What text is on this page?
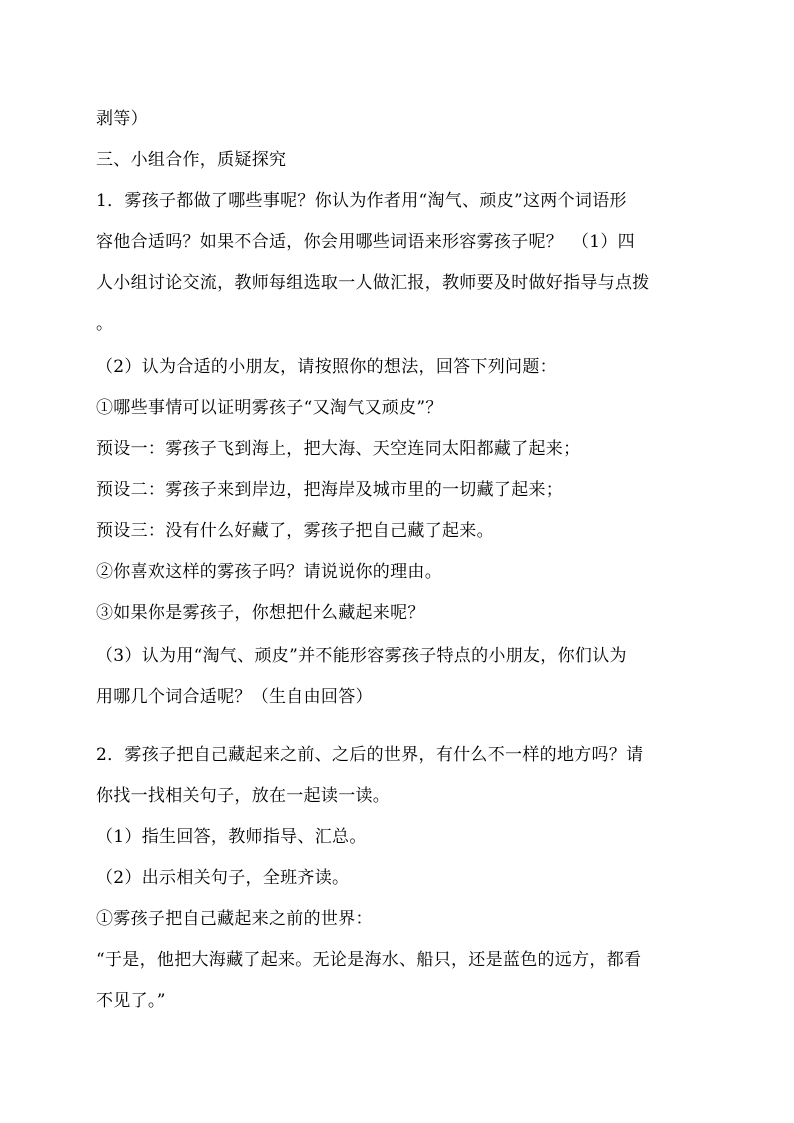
剥等）
三、小组合作，质疑探究
1．雾孩子都做了哪些事呢？你认为作者用“淘气、顽皮”这两个词语形
容他合适吗？如果不合适，你会用哪些词语来形容雾孩子呢？　（1）四
人小组讨论交流，教师每组选取一人做汇报，教师要及时做好指导与点拨
。
（2）认为合适的小朋友，请按照你的想法，回答下列问题：
①哪些事情可以证明雾孩子“又淘气又顽皮”？
预设一：雾孩子飞到海上，把大海、天空连同太阳都藏了起来；
预设二：雾孩子来到岸边，把海岸及城市里的一切藏了起来；
预设三：没有什么好藏了，雾孩子把自己藏了起来。
②你喜欢这样的雾孩子吗？请说说你的理由。
③如果你是雾孩子，你想把什么藏起来呢？
（3）认为用“淘气、顽皮”并不能形容雾孩子特点的小朋友，你们认为
用哪几个词合适呢？（生自由回答）
2．雾孩子把自己藏起来之前、之后的世界，有什么不一样的地方吗？请
你找一找相关句子，放在一起读一读。
（1）指生回答，教师指导、汇总。
（2）出示相关句子，全班齐读。
①雾孩子把自己藏起来之前的世界：
“于是，他把大海藏了起来。无论是海水、船只，还是蓝色的远方，都看
不见了。”
